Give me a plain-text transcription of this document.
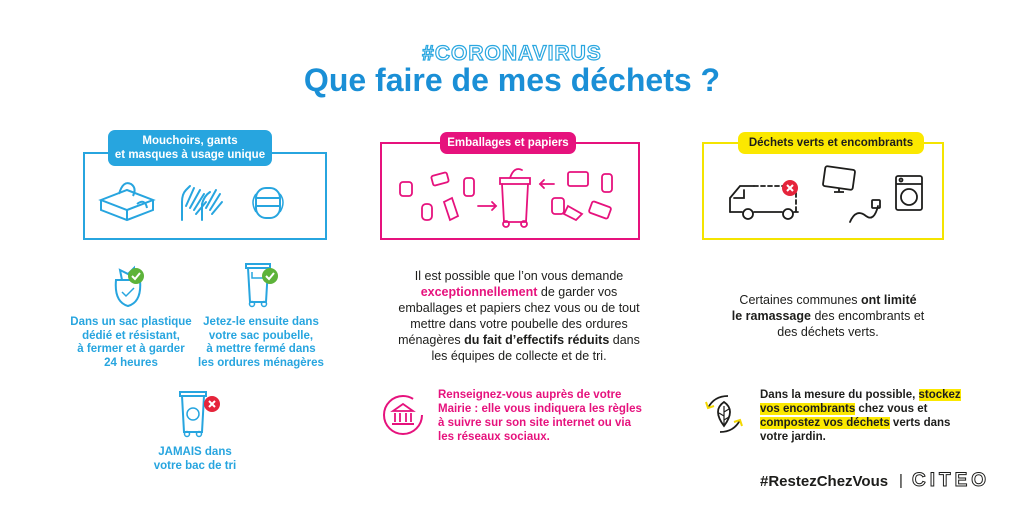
#CORONAVIRUS
Que faire de mes déchets ?
Mouchoirs, gants
et masques à usage unique
Dans un sac plastique
dédié et résistant,
à fermer et à garder
24 heures
Jetez-le ensuite dans
votre sac poubelle,
à mettre fermé dans
les ordures ménagères
JAMAIS dans
votre bac de tri
Emballages et papiers
Il est possible que l’on vous demande
exceptionnellement de garder vos
emballages et papiers chez vous ou de tout
mettre dans votre poubelle des ordures
ménagères du fait d’effectifs réduits dans
les équipes de collecte et de tri.
Renseignez-vous auprès de votre
Mairie : elle vous indiquera les règles
à suivre sur son site internet ou via
les réseaux sociaux.
Déchets verts et encombrants
Certaines communes ont limité
le ramassage des encombrants et
des déchets verts.
Dans la mesure du possible, stockez
vos encombrants chez vous et
compostez vos déchets verts dans
votre jardin.
#RestezChezVous | CITEO
